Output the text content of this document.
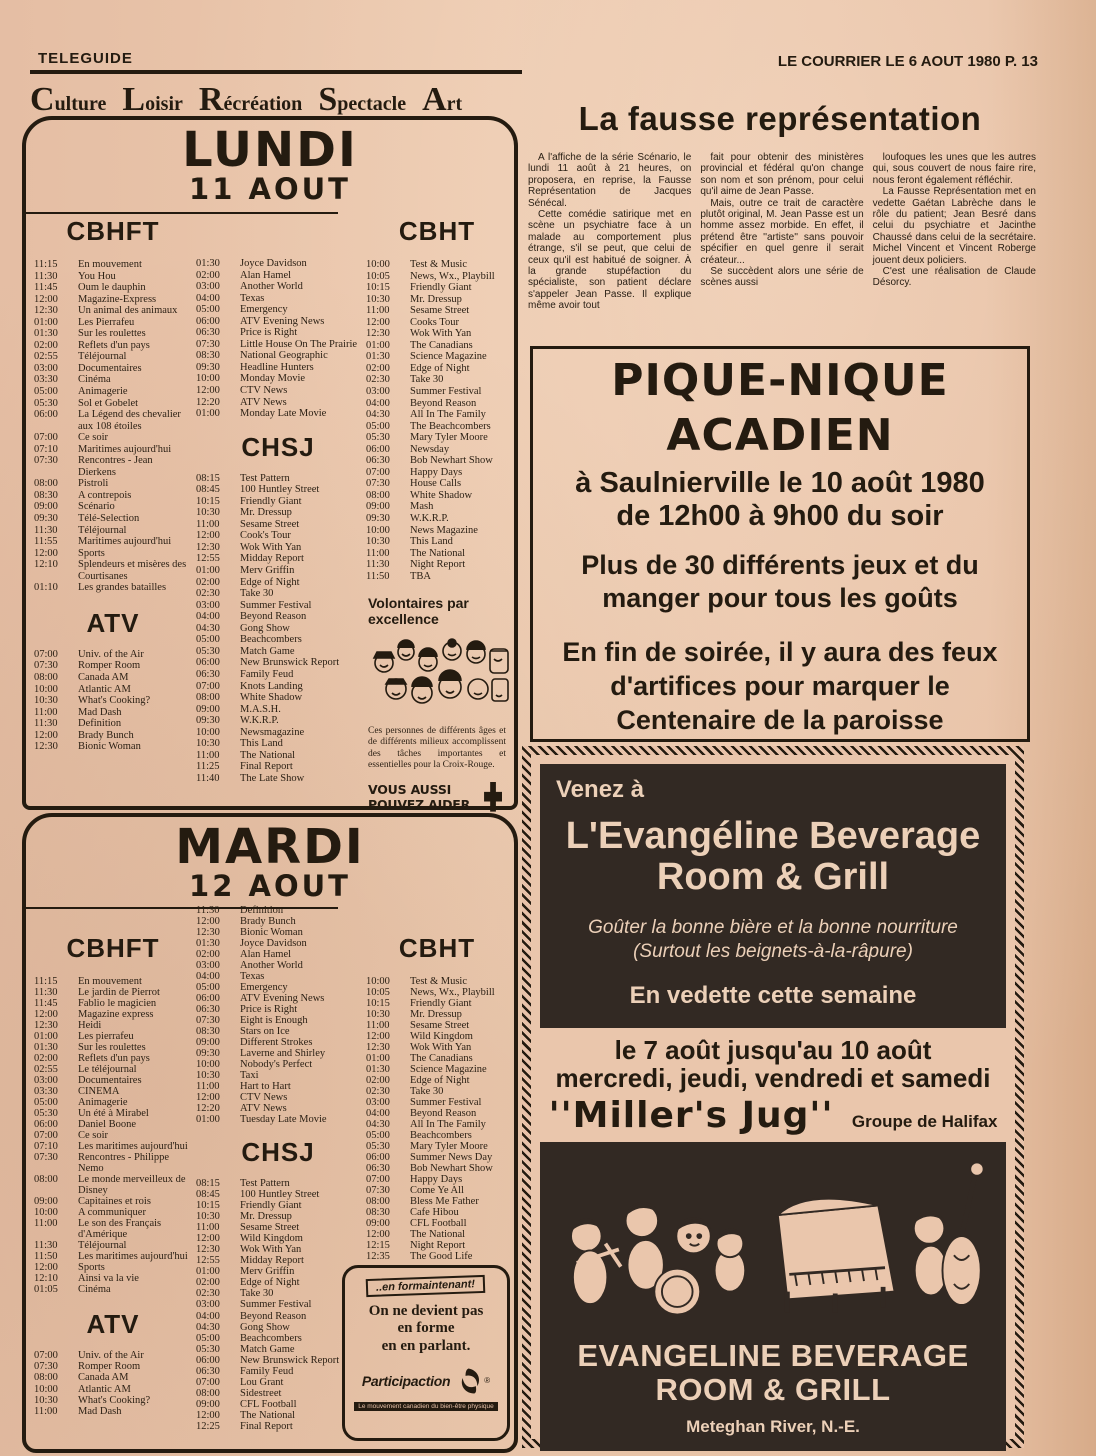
TELEGUIDE	LE COURRIER LE 6 AOUT 1980 P. 13
Culture Loisir Récréation Spectacle Art
LUNDI
11 AOUT
CBHFT
11:15	En mouvement
11:30	You Hou
11:45	Oum le dauphin
12:00	Magazine-Express
12:30	Un animal des animaux
01:00	Les Pierrafeu
01:30	Sur les roulettes
02:00	Reflets d'un pays
02:55	Téléjournal
03:00	Documentaires
03:30	Cinéma
05:00	Animagerie
05:30	Sol et Gobelet
06:00	La Légend des chevalier aux 108 étoiles
07:00	Ce soir
07:10	Maritimes aujourd'hui
07:30	Rencontres - Jean Dierkens
08:00	Pistroli
08:30	A contrepois
09:00	Scénario
09:30	Télé-Selection
11:30	Téléjournal
11:55	Maritimes aujourd'hui
12:00	Sports
12:10	Splendeurs et misères des Courtisanes
01:10	Les grandes batailles
ATV
07:00	Univ. of the Air
07:30	Romper Room
08:00	Canada AM
10:00	Atlantic AM
10:30	What's Cooking?
11:00	Mad Dash
11:30	Definition
12:00	Brady Bunch
12:30	Bionic Woman
01:30	Joyce Davidson
02:00	Alan Hamel
03:00	Another World
04:00	Texas
05:00	Emergency
06:00	ATV Evening News
06:30	Price is Right
07:30	Little House On The Prairie
08:30	National Geographic
09:30	Headline Hunters
10:00	Monday Movie
12:00	CTV News
12:20	ATV News
01:00	Monday Late Movie
CHSJ
08:15	Test Pattern
08:45	100 Huntley Street
10:15	Friendly Giant
10:30	Mr. Dressup
11:00	Sesame Street
12:00	Cook's Tour
12:30	Wok With Yan
12:55	Midday Report
01:00	Merv Griffin
02:00	Edge of Night
02:30	Take 30
03:00	Summer Festival
04:00	Beyond Reason
04:30	Gong Show
05:00	Beachcombers
05:30	Match Game
06:00	New Brunswick Report
06:30	Family Feud
07:00	Knots Landing
08:00	White Shadow
09:00	M.A.S.H.
09:30	W.K.R.P.
10:00	Newsmagazine
10:30	This Land
11:00	The National
11:25	Final Report
11:40	The Late Show
CBHT
10:00	Test & Music
10:05	News, Wx., Playbill
10:15	Friendly Giant
10:30	Mr. Dressup
11:00	Sesame Street
12:00	Cooks Tour
12:30	Wok With Yan
01:00	The Canadians
01:30	Science Magazine
02:00	Edge of Night
02:30	Take 30
03:00	Summer Festival
04:00	Beyond Reason
04:30	All In The Family
05:00	The Beachcombers
05:30	Mary Tyler Moore
06:00	Newsday
06:30	Bob Newhart Show
07:00	Happy Days
07:30	House Calls
08:00	White Shadow
09:00	Mash
09:30	W.K.R.P.
10:00	News Magazine
10:30	This Land
11:00	The National
11:30	Night Report
11:50	TBA
Volontaires par excellence
Ces personnes de différents âges et de différents milieux accomplissent des tâches importantes et essentielles pour la Croix-Rouge.
VOUS AUSSI POUVEZ AIDER.
La fausse représentation

A l'affiche de la série Scénario, le lundi 11 août à 21 heures, on proposera, en reprise, la Fausse Représentation de Jacques Sénécal.

Cette comédie satirique met en scène un psychiatre face à un malade au comportement plus étrange, s'il se peut, que celui de ceux qu'il est habitué de soigner. À la grande stupéfaction du spécialiste, son patient déclare s'appeler Jean Passe. Il explique même avoir tout

fait pour obtenir des ministères provincial et fédéral qu'on change son nom et son prénom, pour celui qu'il aime de Jean Passe.

Mais, outre ce trait de caractère plutôt original, M. Jean Passe est un homme assez morbide. En effet, il prétend être ''artiste'' sans pouvoir spécifier en quel genre il serait créateur...

Se succèdent alors une série de scènes aussi

loufoques les unes que les autres qui, sous couvert de nous faire rire, nous feront également réfléchir.

La Fausse Représentation met en vedette Gaétan Labrèche dans le rôle du patient; Jean Besré dans celui du psychiatre et Jacinthe Chaussé dans celui de la secrétaire. Michel Vincent et Vincent Roberge jouent deux policiers.

C'est une réalisation de Claude Désorcy.

PIQUE-NIQUE
ACADIEN
à Saulnierville le 10 août 1980
de 12h00 à 9h00 du soir
Plus de 30 différents jeux et du
manger pour tous les goûts
En fin de soirée, il y aura des feux
d'artifices pour marquer le
Centenaire de la paroisse
Venez à
L'Evangéline Beverage
Room & Grill
Goûter la bonne bière et la bonne nourriture
(Surtout les beignets-à-la-râpure)
En vedette cette semaine
le 7 août jusqu'au 10 août
mercredi, jeudi, vendredi et samedi
''Miller's Jug'' Groupe de Halifax
EVANGELINE BEVERAGE
ROOM & GRILL
Meteghan River, N.-E.
MARDI
12 AOUT
CBHFT
11:15	En mouvement
11:30	Le jardin de Pierrot
11:45	Fablio le magicien
12:00	Magazine express
12:30	Heidi
01:00	Les pierrafeu
01:30	Sur les roulettes
02:00	Reflets d'un pays
02:55	Le téléjournal
03:00	Documentaires
03:30	CINEMA
05:00	Animagerie
05:30	Un été à Mirabel
06:00	Daniel Boone
07:00	Ce soir
07:10	Les maritimes aujourd'hui
07:30	Rencontres - Philippe Nemo
08:00	Le monde merveilleux de Disney
09:00	Capitaines et rois
10:00	A communiquer
11:00	Le son des Français d'Amérique
11:30	Téléjournal
11:50	Les maritimes aujourd'hui
12:00	Sports
12:10	Ainsi va la vie
01:05	Cinéma
ATV
07:00	Univ. of the Air
07:30	Romper Room
08:00	Canada AM
10:00	Atlantic AM
10:30	What's Cooking?
11:00	Mad Dash
11:30	Definition
12:00	Brady Bunch
12:30	Bionic Woman
01:30	Joyce Davidson
02:00	Alan Hamel
03:00	Another World
04:00	Texas
05:00	Emergency
06:00	ATV Evening News
06:30	Price is Right
07:30	Eight is Enough
08:30	Stars on Ice
09:00	Different Strokes
09:30	Laverne and Shirley
10:00	Nobody's Perfect
10:30	Taxi
11:00	Hart to Hart
12:00	CTV News
12:20	ATV News
01:00	Tuesday Late Movie
CHSJ
08:15	Test Pattern
08:45	100 Huntley Street
10:15	Friendly Giant
10:30	Mr. Dressup
11:00	Sesame Street
12:00	Wild Kingdom
12:30	Wok With Yan
12:55	Midday Report
01:00	Merv Griffin
02:00	Edge of Night
02:30	Take 30
03:00	Summer Festival
04:00	Beyond Reason
04:30	Gong Show
05:00	Beachcombers
05:30	Match Game
06:00	New Brunswick Report
06:30	Family Feud
07:00	Lou Grant
08:00	Sidestreet
09:00	CFL Football
12:00	The National
12:25	Final Report
CBHT
10:00	Test & Music
10:05	News, Wx., Playbill
10:15	Friendly Giant
10:30	Mr. Dressup
11:00	Sesame Street
12:00	Wild Kingdom
12:30	Wok With Yan
01:00	The Canadians
01:30	Science Magazine
02:00	Edge of Night
02:30	Take 30
03:00	Summer Festival
04:00	Beyond Reason
04:30	All In The Family
05:00	Beachcombers
05:30	Mary Tyler Moore
06:00	Summer News Day
06:30	Bob Newhart Show
07:00	Happy Days
07:30	Come Ye All
08:00	Bless Me Father
08:30	Cafe Hibou
09:00	CFL Football
12:00	The National
12:15	Night Report
12:35	The Good Life
..en formaintenant!
On ne devient pas
en forme
en en parlant.
Participaction	®
Le mouvement canadien du bien-être physique
